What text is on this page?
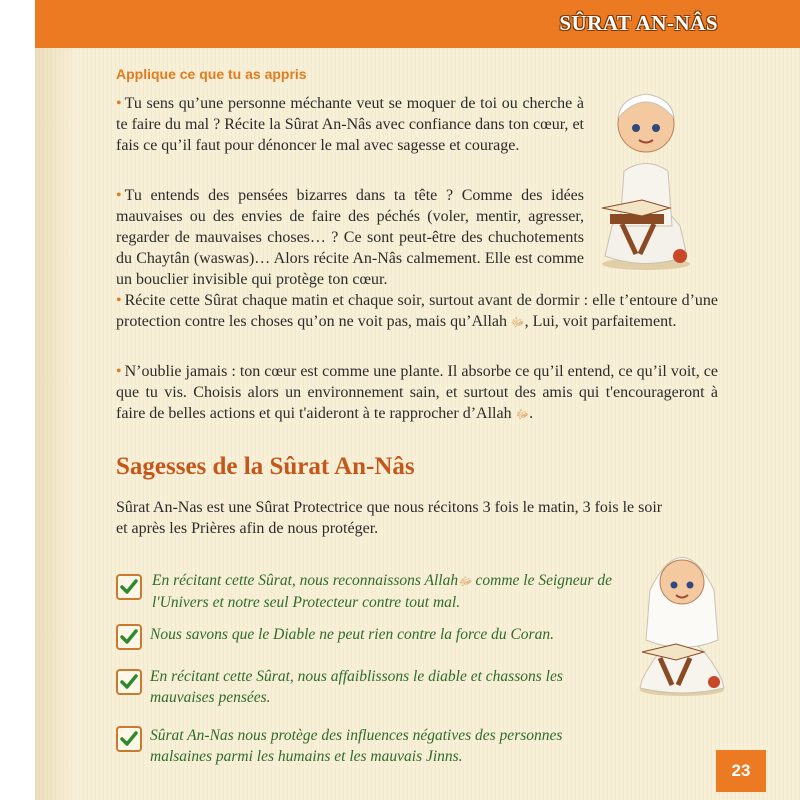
SÛRAT AN-NÂS
Applique ce que tu as appris

• Tu sens qu’une personne méchante veut se moquer de toi ou cherche à te faire du mal ? Récite la Sûrat An-Nâs avec confiance dans ton cœur, et fais ce qu’il faut pour dénoncer le mal avec sagesse et courage.

• Tu entends des pensées bizarres dans ta tête ? Comme des idées mauvaises ou des envies de faire des péchés (voler, mentir, agresser, regarder de mauvaises choses… ? Ce sont peut-être des chuchotements du Chaytân (waswas)… Alors récite An-Nâs calmement. Elle est comme un bouclier invisible qui protège ton cœur.

• Récite cette Sûrat chaque matin et chaque soir, surtout avant de dormir : elle t’entoure d’une protection contre les choses qu’on ne voit pas, mais qu’Allah ﷻ, Lui, voit parfaitement.

• N’oublie jamais : ton cœur est comme une plante. Il absorbe ce qu’il entend, ce qu’il voit, ce que tu vis. Choisis alors un environnement sain, et surtout des amis qui t'encourageront à faire de belles actions et qui t'aideront à te rapprocher d’Allah ﷻ.

Sagesses de la Sûrat An-Nâs

Sûrat An-Nas est une Sûrat Protectrice que nous récitons 3 fois le matin, 3 fois le soir et après les Prières afin de nous protéger.

En récitant cette Sûrat, nous reconnaissons Allahﷻ comme le Seigneur de l'Univers et notre seul Protecteur contre tout mal.

Nous savons que le Diable ne peut rien contre la force du Coran.

En récitant cette Sûrat, nous affaiblissons le diable et chassons les mauvaises pensées.

Sûrat An-Nas nous protège des influences négatives des personnes malsaines parmi les humains et les mauvais Jinns.

23
